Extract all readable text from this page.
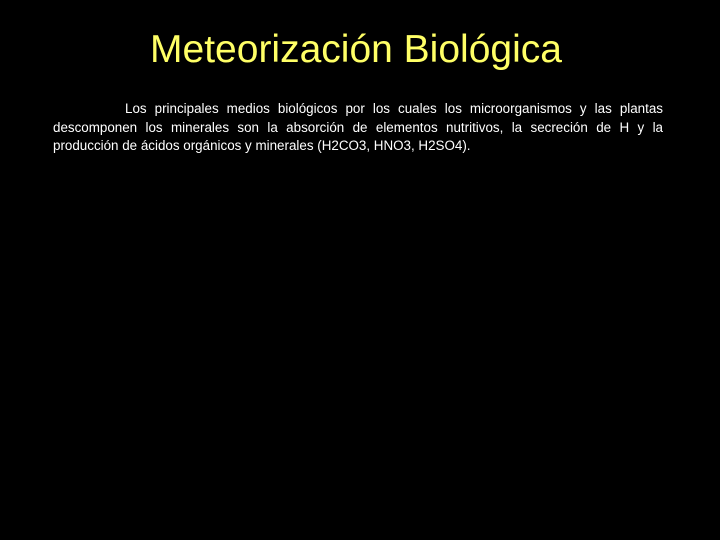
Meteorización Biológica

Los principales medios biológicos por los cuales los microorganismos y las plantas descomponen los minerales son la absorción de elementos nutritivos, la secreción de H y la producción de ácidos orgánicos y minerales (H2CO3, HNO3, H2SO4).
